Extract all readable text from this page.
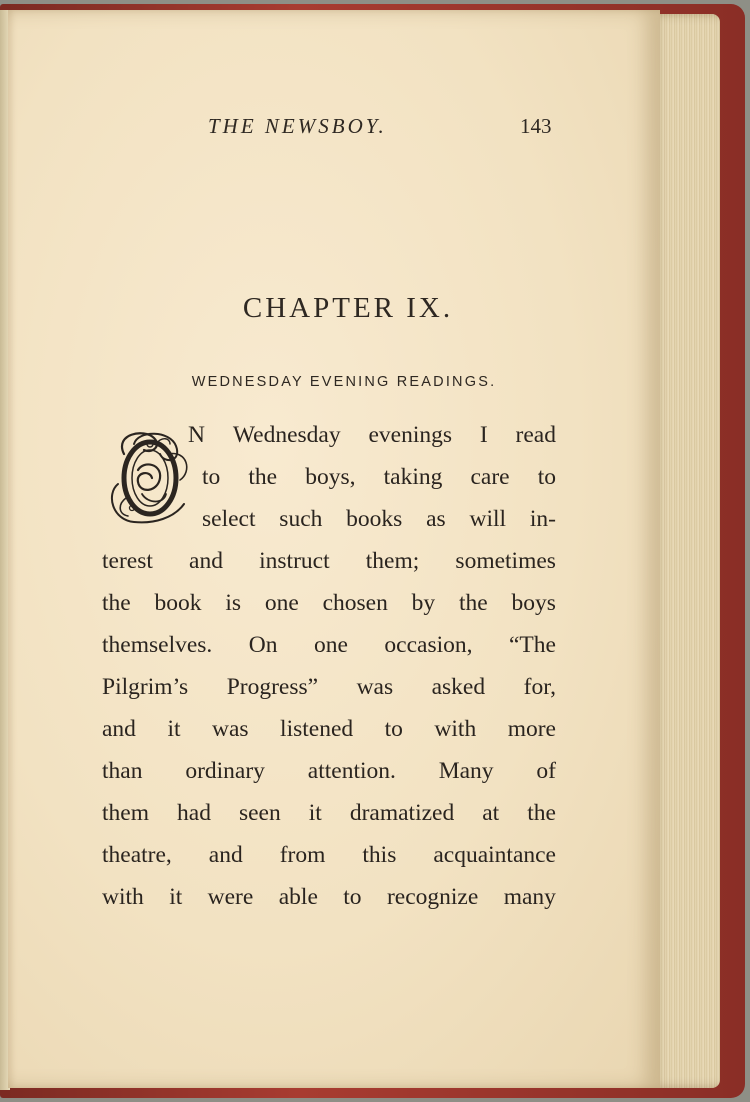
THE NEWSBOY.	143
CHAPTER IX.
WEDNESDAY EVENING READINGS.
N Wednesday evenings I read
to the boys, taking care to
select such books as will in-
terest and instruct them; sometimes
the book is one chosen by the boys
themselves. On one occasion, “The
Pilgrim’s Progress” was asked for,
and it was listened to with more
than ordinary attention. Many of
them had seen it dramatized at the
theatre, and from this acquaintance
with it were able to recognize many
